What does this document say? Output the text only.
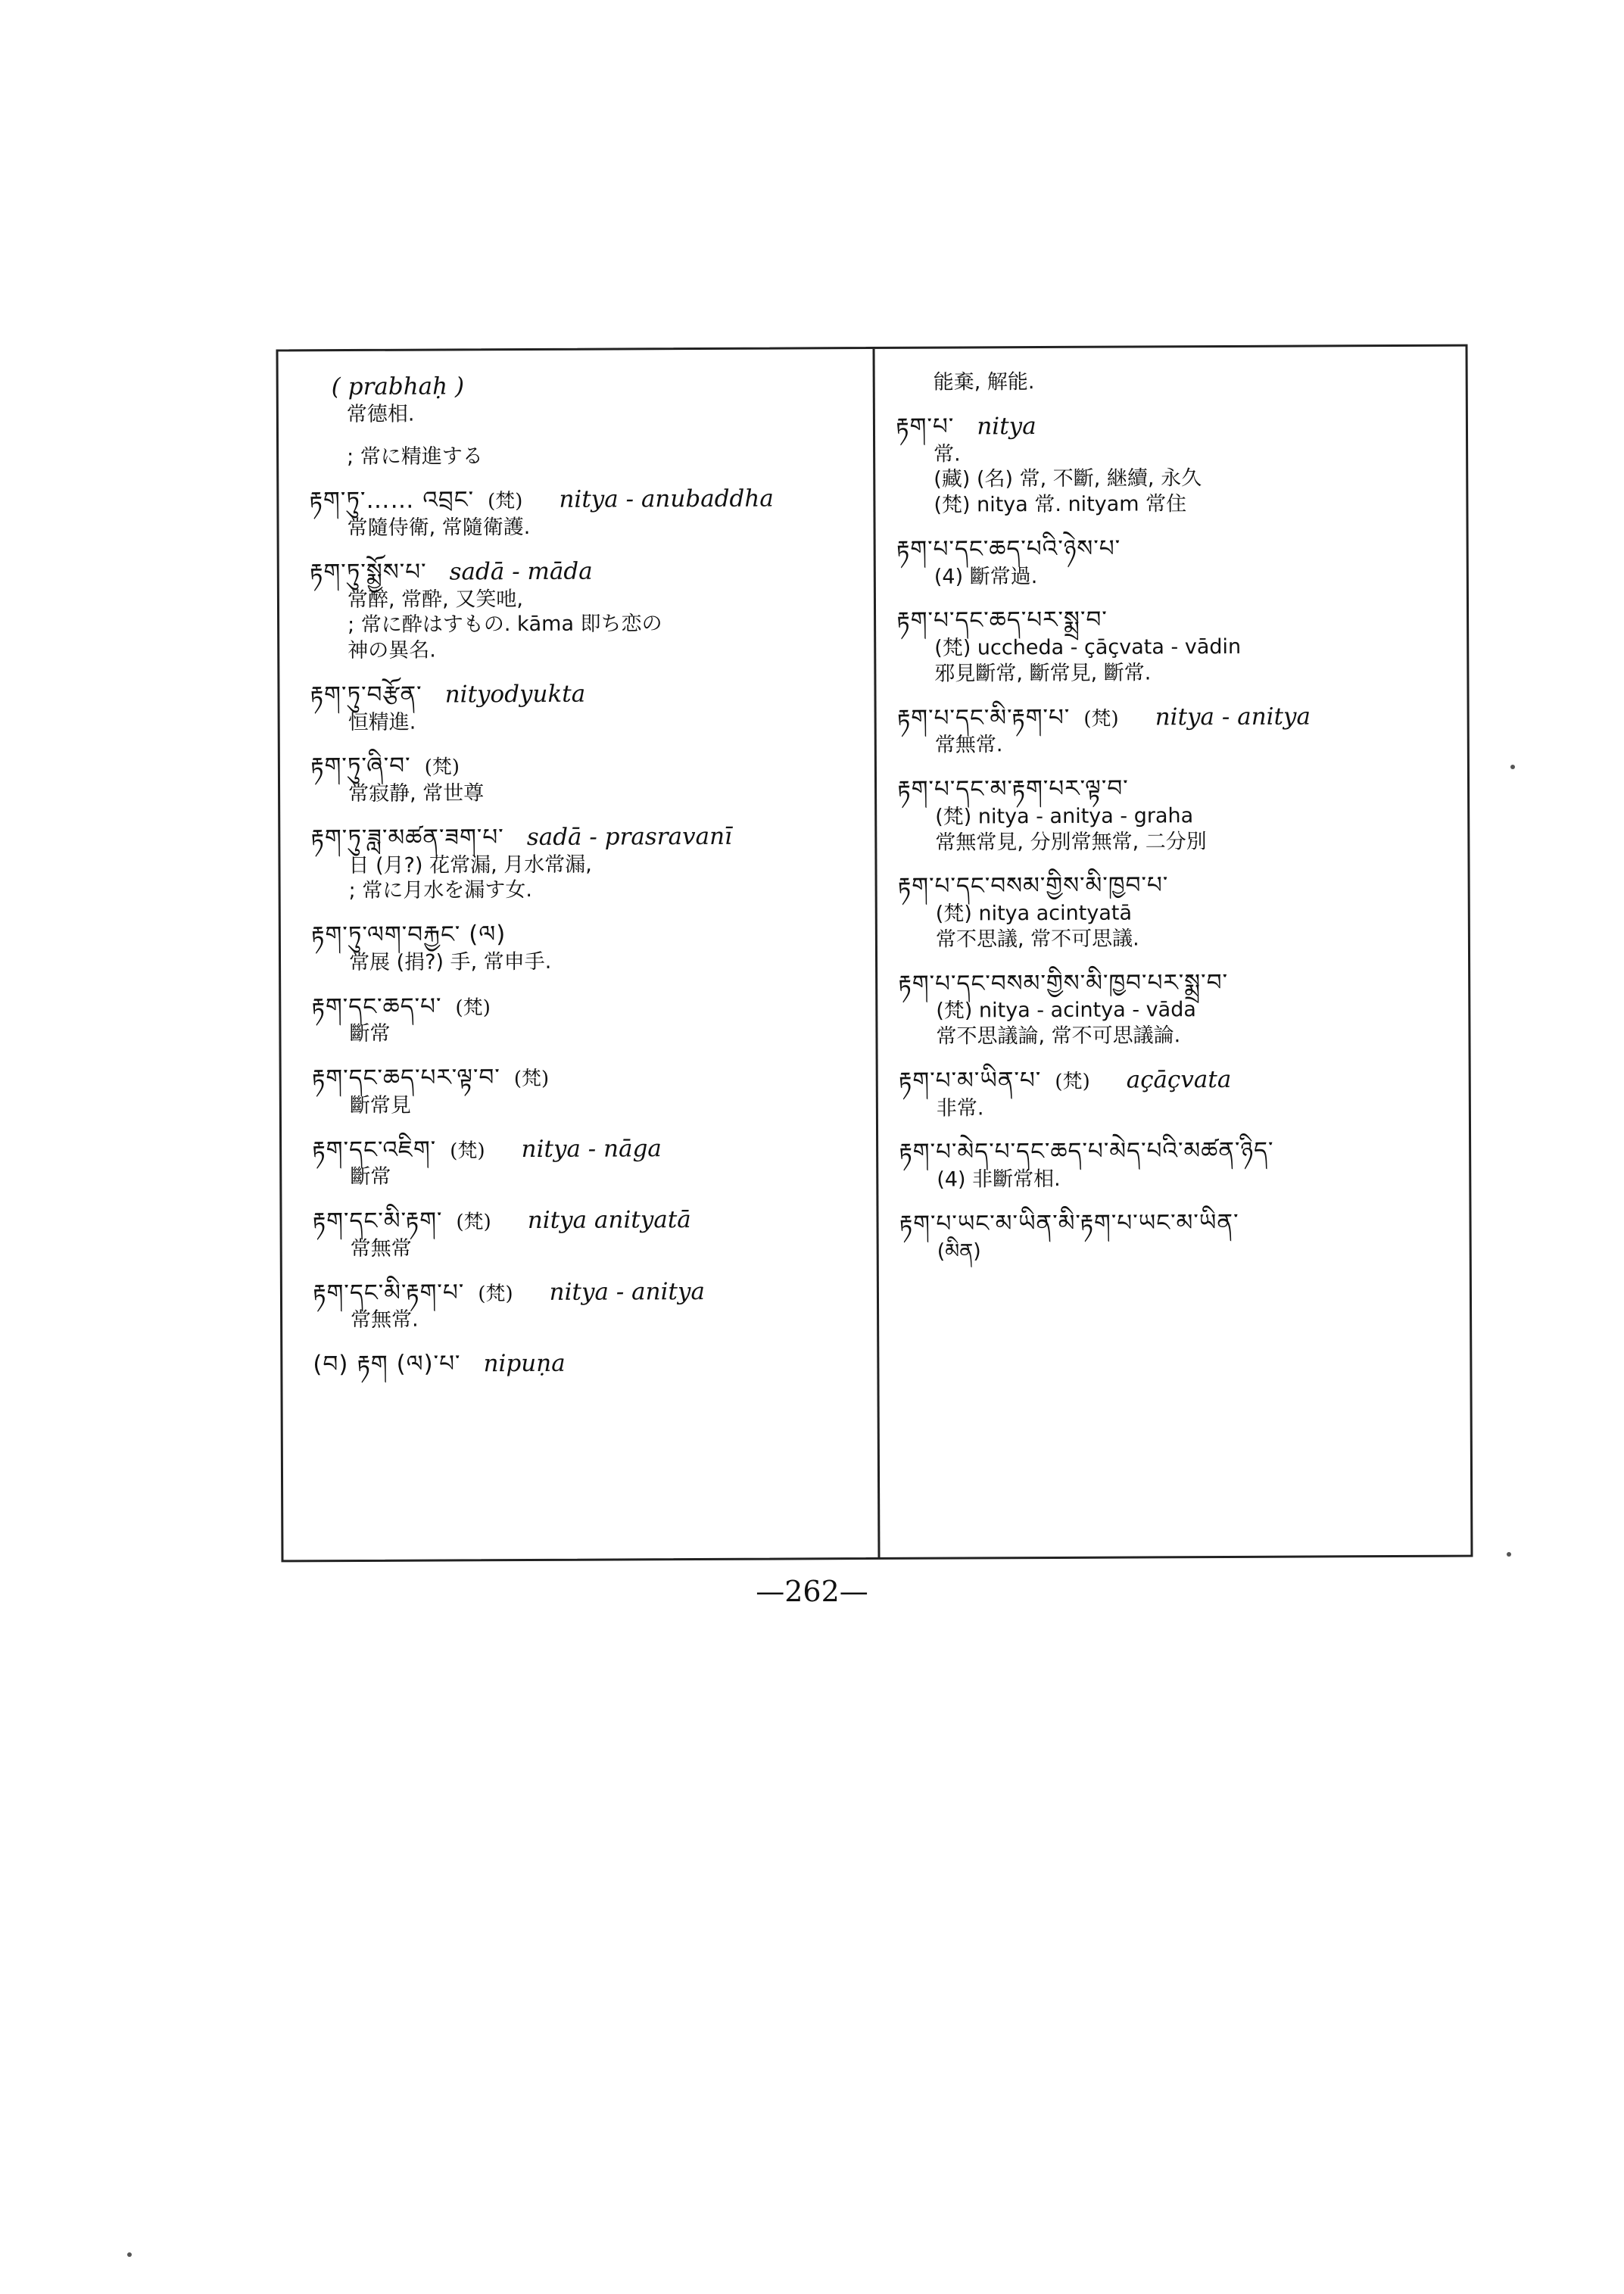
( prabhaḥ )
常德相.
; 常に精進する
རྟག་ཏུ་…… འབྲང་ (梵) nitya - anubaddha
常隨侍衛, 常隨衛護.
རྟག་ཏུ་སྨྱོས་པ་ sadā - māda
常醉, 常酔, 又笑吔,
; 常に酔はすもの. kāma 即ち恋の
神の異名.
རྟག་ཏུ་བརྩོན་ nityodyukta
恒精進.
རྟག་ཏུ་ཞི་བ་ (梵)
常寂静, 常世尊
རྟག་ཏུ་ཟླ་མཚན་ཟག་པ་ sadā - prasravanī
日 (月?) 花常漏, 月水常漏,
; 常に月水を漏す女.
རྟག་ཏུ་ལག་བརྐྱང་ (ལ)
常展 (捐?) 手, 常申手.
རྟག་དང་ཆད་པ་ (梵)
斷常
རྟག་དང་ཆད་པར་ལྟ་བ་ (梵)
斷常見
རྟག་དང་འཇིག་ (梵) nitya - nāga
斷常
རྟག་དང་མི་རྟག་ (梵) nitya anityatā
常無常
རྟག་དང་མི་རྟག་པ་ (梵) nitya - anitya
常無常.
(བ) རྟག (ལ)་པ་ nipuṇa
能棄, 解能.
རྟག་པ་ nitya
常.
(藏) (名) 常, 不斷, 継續, 永久
(梵) nitya 常. nityam 常住
རྟག་པ་དང་ཆད་པའི་ཉེས་པ་
(4) 斷常過.
རྟག་པ་དང་ཆད་པར་སྨྲ་བ་
(梵) uccheda - çāçvata - vādin
邪見斷常, 斷常見, 斷常.
རྟག་པ་དང་མི་རྟག་པ་ (梵) nitya - anitya
常無常.
རྟག་པ་དང་མ་རྟག་པར་ལྟ་བ་
(梵) nitya - anitya - graha
常無常見, 分別常無常, 二分別
རྟག་པ་དང་བསམ་གྱིས་མི་ཁྱབ་པ་
(梵) nitya acintyatā
常不思議, 常不可思議.
རྟག་པ་དང་བསམ་གྱིས་མི་ཁྱབ་པར་སྨྲ་བ་
(梵) nitya - acintya - vāda
常不思議論, 常不可思議論.
རྟག་པ་མ་ཡིན་པ་ (梵) açāçvata
非常.
རྟག་པ་མེད་པ་དང་ཆད་པ་མེད་པའི་མཚན་ཉིད་
(4) 非斷常相.
རྟག་པ་ཡང་མ་ཡིན་མི་རྟག་པ་ཡང་མ་ཡིན་
(མིན)
—262—
